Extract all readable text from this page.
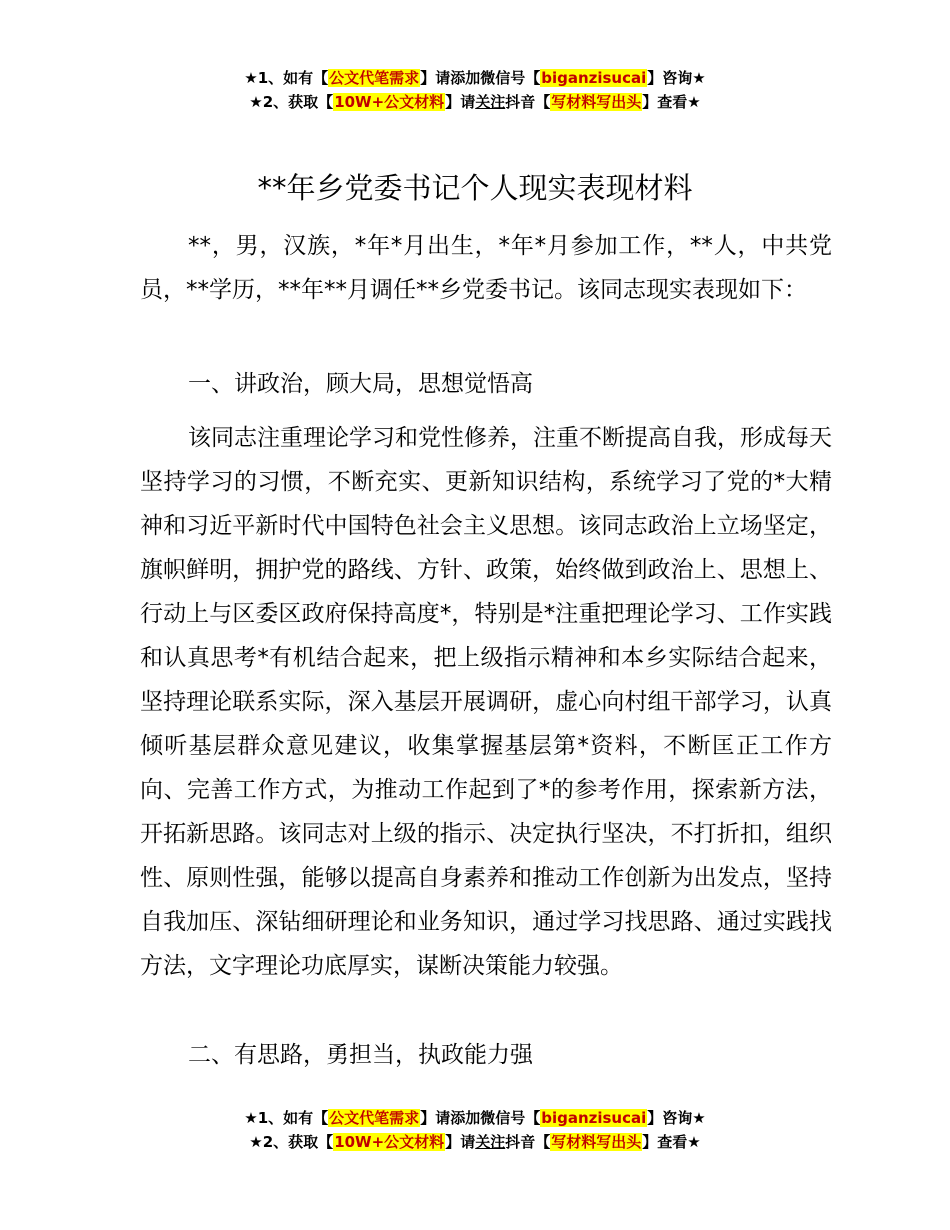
★1、如有【公文代笔需求】请添加微信号【biganzisucai】咨询★
★2、获取【10W+公文材料】请关注抖音【写材料写出头】查看★
**年乡党委书记个人现实表现材料

**，男，汉族，*年*月出生，*年*月参加工作，**人，中共党员，**学历，**年**月调任**乡党委书记。该同志现实表现如下：

一、讲政治，顾大局，思想觉悟高

该同志注重理论学习和党性修养，注重不断提高自我，形成每天坚持学习的习惯，不断充实、更新知识结构，系统学习了党的*大精神和习近平新时代中国特色社会主义思想。该同志政治上立场坚定，旗帜鲜明，拥护党的路线、方针、政策，始终做到政治上、思想上、行动上与区委区政府保持高度*，特别是*注重把理论学习、工作实践和认真思考*有机结合起来，把上级指示精神和本乡实际结合起来，坚持理论联系实际，深入基层开展调研，虚心向村组干部学习，认真倾听基层群众意见建议，收集掌握基层第*资料，不断匡正工作方向、完善工作方式，为推动工作起到了*的参考作用，探索新方法，开拓新思路。该同志对上级的指示、决定执行坚决，不打折扣，组织性、原则性强，能够以提高自身素养和推动工作创新为出发点，坚持自我加压、深钻细研理论和业务知识，通过学习找思路、通过实践找方法，文字理论功底厚实，谋断决策能力较强。

二、有思路，勇担当，执政能力强

★1、如有【公文代笔需求】请添加微信号【biganzisucai】咨询★
★2、获取【10W+公文材料】请关注抖音【写材料写出头】查看★
